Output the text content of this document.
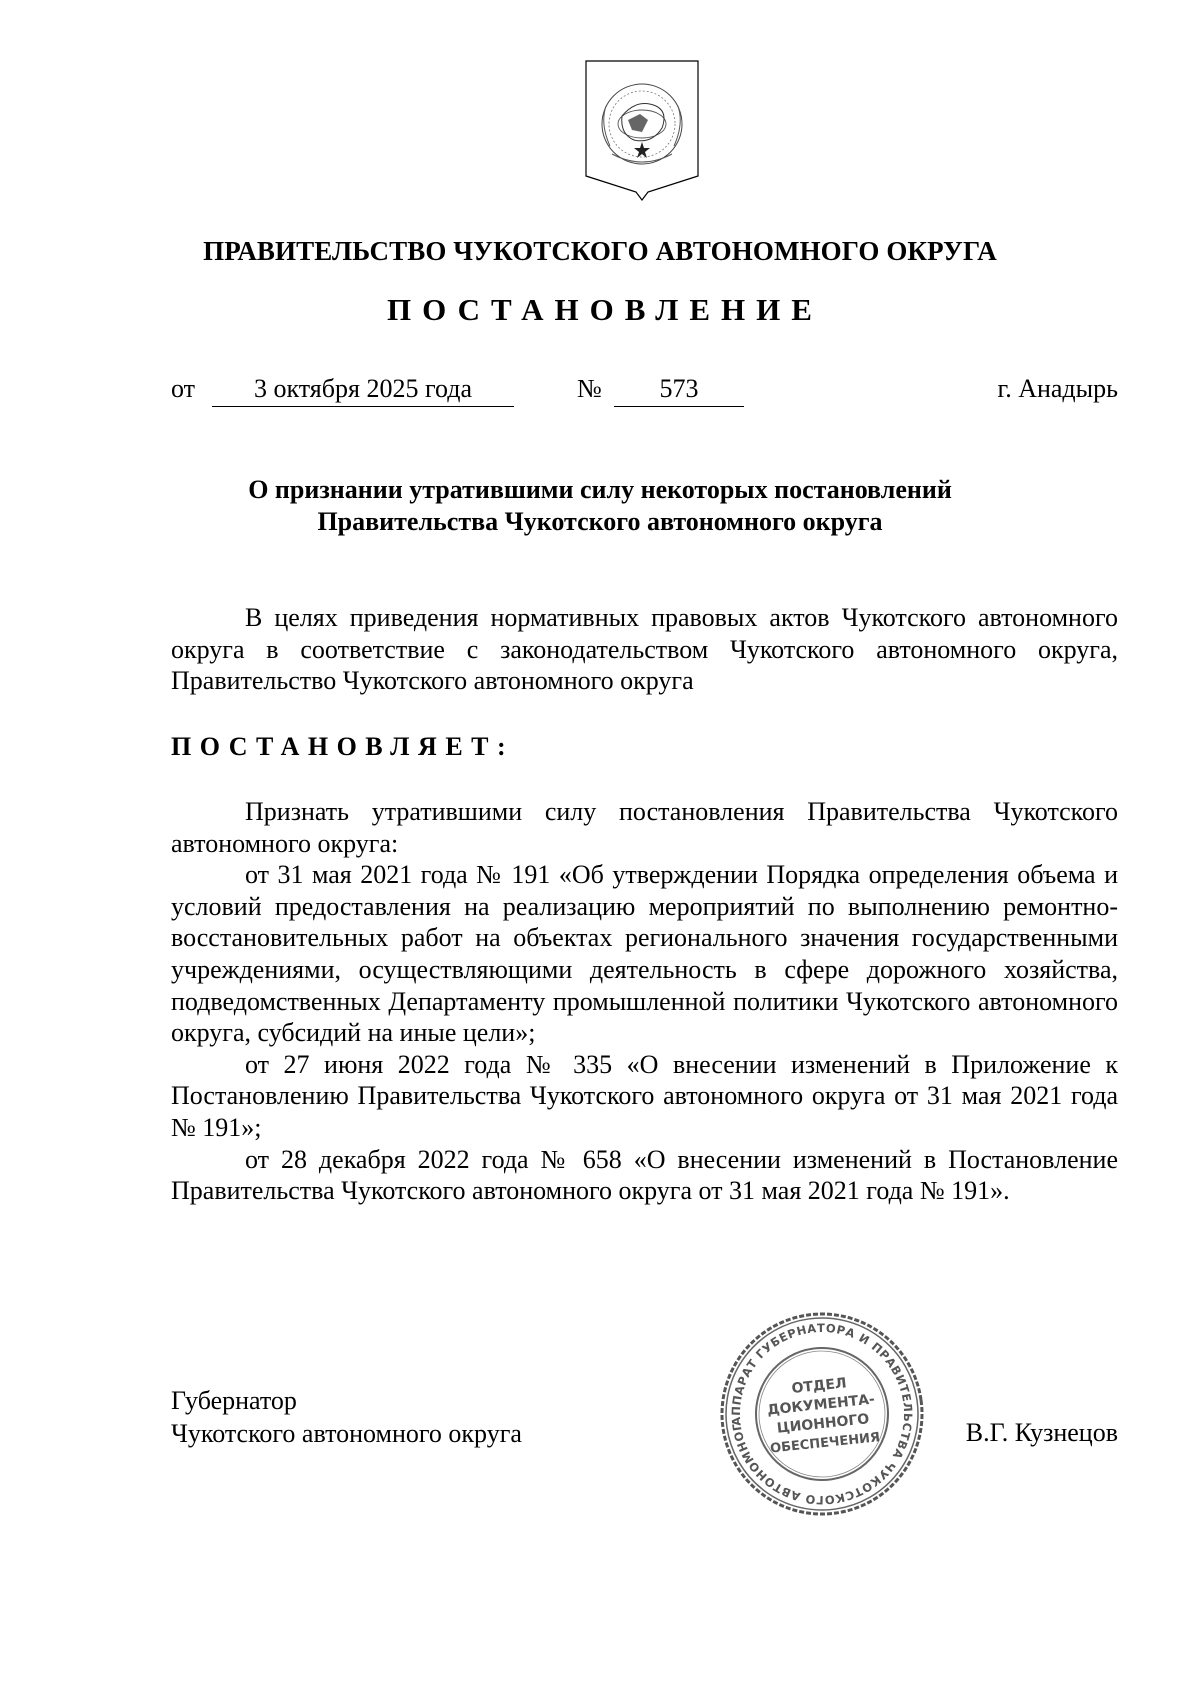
ПРАВИТЕЛЬСТВО ЧУКОТСКОГО АВТОНОМНОГО ОКРУГА
ПОСТАНОВЛЕНИЕ
от	3 октября 2025 года	№	573	г. Анадырь
О признании утратившими силу некоторых постановлений
Правительства Чукотского автономного округа

В целях приведения нормативных правовых актов Чукотского автономного округа в соответствие с законодательством Чукотского автономного округа, Правительство Чукотского автономного округа

ПОСТАНОВЛЯЕТ:

Признать утратившими силу постановления Правительства Чукотского автономного округа:

от 31 мая 2021 года № 191 «Об утверждении Порядка определения объема и условий предоставления на реализацию мероприятий по выполнению ремонтно-восстановительных работ на объектах регионального значения государственными учреждениями, осуществляющими деятельность в сфере дорожного хозяйства, подведомственных Департаменту промышленной политики Чукотского автономного округа, субсидий на иные цели»;

от 27 июня 2022 года № 335 «О внесении изменений в Приложение к Постановлению Правительства Чукотского автономного округа от 31 мая 2021 года № 191»;

от 28 декабря 2022 года № 658 «О внесении изменений в Постановление Правительства Чукотского автономного округа от 31 мая 2021 года № 191».

Губернатор
Чукотского автономного округа	АППАРАТ ГУБЕРНАТОРА И ПРАВИТЕЛЬСТВА ЧУКОТСКОГО АВТОНОМНОГО
ОТДЕЛ
ДОКУМЕНТА-
ЦИОННОГО
ОБЕСПЕЧЕНИЯ	В.Г. Кузнецов
